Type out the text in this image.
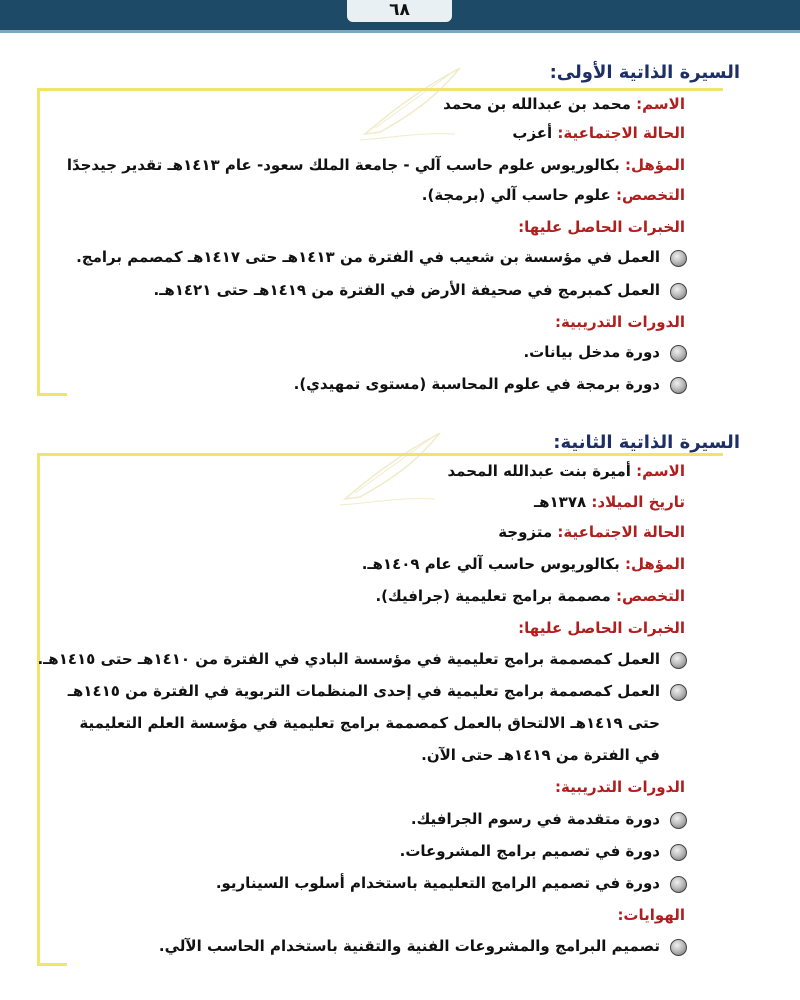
٦٨
السيرة الذاتية الأولى:
الاسم: محمد بن عبدالله بن محمد
الحالة الاجتماعية: أعزب
المؤهل: بكالوريوس علوم حاسب آلي - جامعة الملك سعود- عام ١٤١٣هـ تقدير جيدجدًا
التخصص: علوم حاسب آلي (برمجة).
الخبرات الحاصل عليها:
العمل في مؤسسة بن شعيب في الفترة من ١٤١٣هـ حتى ١٤١٧هـ كمصمم برامج.
العمل كمبرمج في صحيفة الأرض في الفترة من ١٤١٩هـ حتى ١٤٢١هـ.
الدورات التدريبية:
دورة مدخل بيانات.
دورة برمجة في علوم المحاسبة (مستوى تمهيدي).
السيرة الذاتية الثانية:
الاسم: أميرة بنت عبدالله المحمد
تاريخ الميلاد: ١٣٧٨هـ
الحالة الاجتماعية: متزوجة
المؤهل: بكالوريوس حاسب آلي عام ١٤٠٩هـ.
التخصص: مصممة برامج تعليمية (جرافيك).
الخبرات الحاصل عليها:
العمل كمصممة برامج تعليمية في مؤسسة البادي في الفترة من ١٤١٠هـ حتى ١٤١٥هـ.
العمل كمصممة برامج تعليمية في إحدى المنظمات التربوية في الفترة من ١٤١٥هـ
حتى ١٤١٩هـ الالتحاق بالعمل كمصممة برامج تعليمية في مؤسسة العلم التعليمية
في الفترة من ١٤١٩هـ حتى الآن.
الدورات التدريبية:
دورة متقدمة في رسوم الجرافيك.
دورة في تصميم برامج المشروعات.
دورة في تصميم الرامج التعليمية باستخدام أسلوب السيناريو.
الهوايات:
تصميم البرامج والمشروعات الفنية والتقنية باستخدام الحاسب الآلي.
